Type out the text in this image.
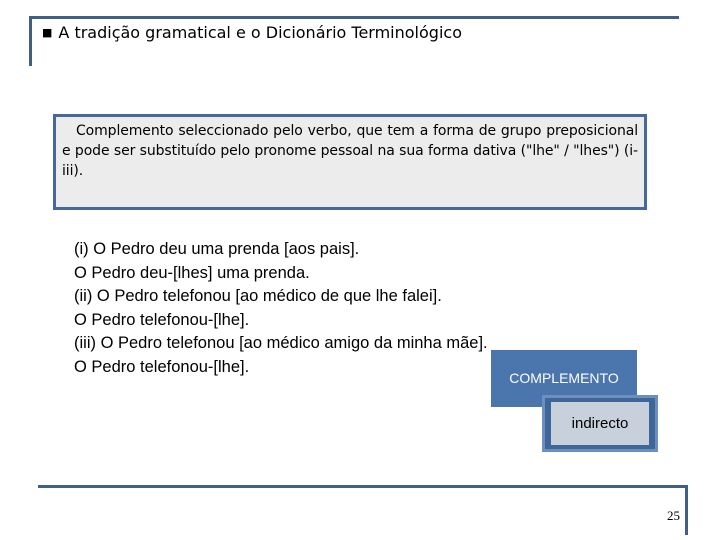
■ A tradição gramatical e o Dicionário Terminológico

Complemento seleccionado pelo verbo, que tem a forma de grupo preposicional e pode ser substituído pelo pronome pessoal na sua forma dativa ("lhe" / "lhes") (i-iii).

(i) O Pedro deu uma prenda [aos pais].
O Pedro deu-[lhes] uma prenda.
(ii) O Pedro telefonou [ao médico de que lhe falei].
O Pedro telefonou-[lhe].
(iii) O Pedro telefonou [ao médico amigo da minha mãe].
O Pedro telefonou-[lhe].
COMPLEMENTO
indirecto
25
